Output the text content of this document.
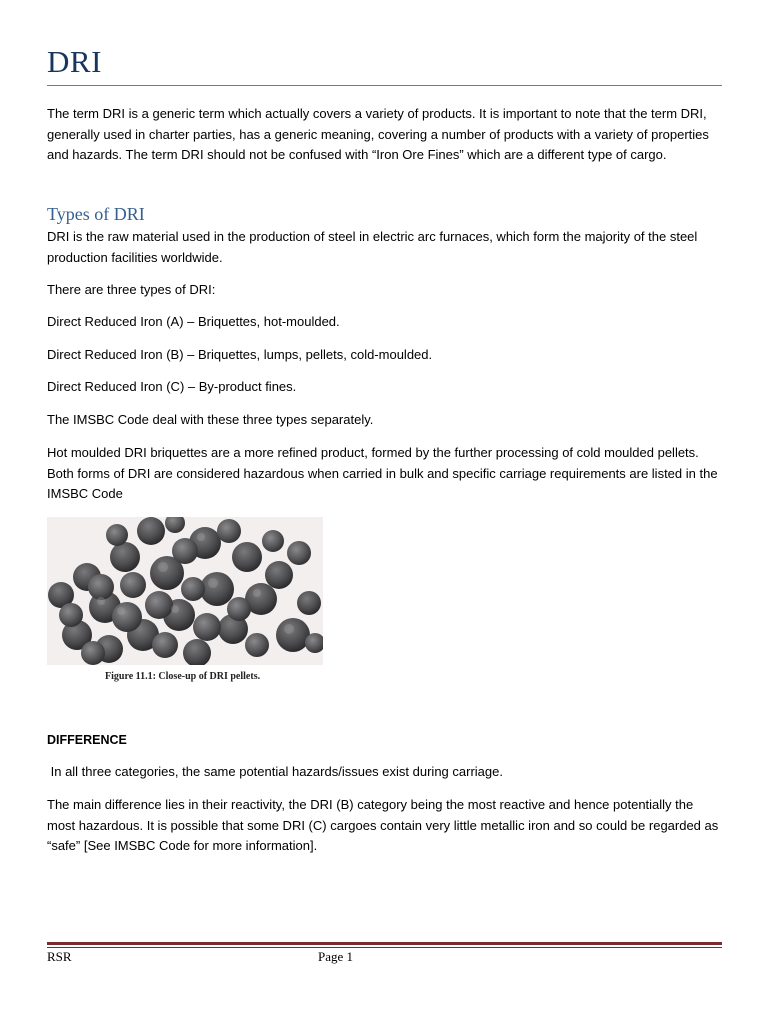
DRI

The term DRI is a generic term which actually covers a variety of products. It is important to note that the term DRI, generally used in charter parties, has a generic meaning, covering a number of products with a variety of properties and hazards. The term DRI should not be confused with “Iron Ore Fines” which are a different type of cargo.

Types of DRI

DRI is the raw material used in the production of steel in electric arc furnaces, which form the majority of the steel production facilities worldwide.

There are three types of DRI:

Direct Reduced Iron (A) – Briquettes, hot-moulded.

Direct Reduced Iron (B) – Briquettes, lumps, pellets, cold-moulded.

Direct Reduced Iron (C) – By-product fines.

The IMSBC Code deal with these three types separately.

Hot moulded DRI briquettes are a more refined product, formed by the further processing of cold moulded pellets. Both forms of DRI are considered hazardous when carried in bulk and specific carriage requirements are listed in the IMSBC Code

Figure 11.1: Close-up of DRI pellets.

DIFFERENCE

In all three categories, the same potential hazards/issues exist during carriage.

The main difference lies in their reactivity, the DRI (B) category being the most reactive and hence potentially the most hazardous. It is possible that some DRI (C) cargoes contain very little metallic iron and so could be regarded as “safe” [See IMSBC Code for more information].

RSR	Page 1
